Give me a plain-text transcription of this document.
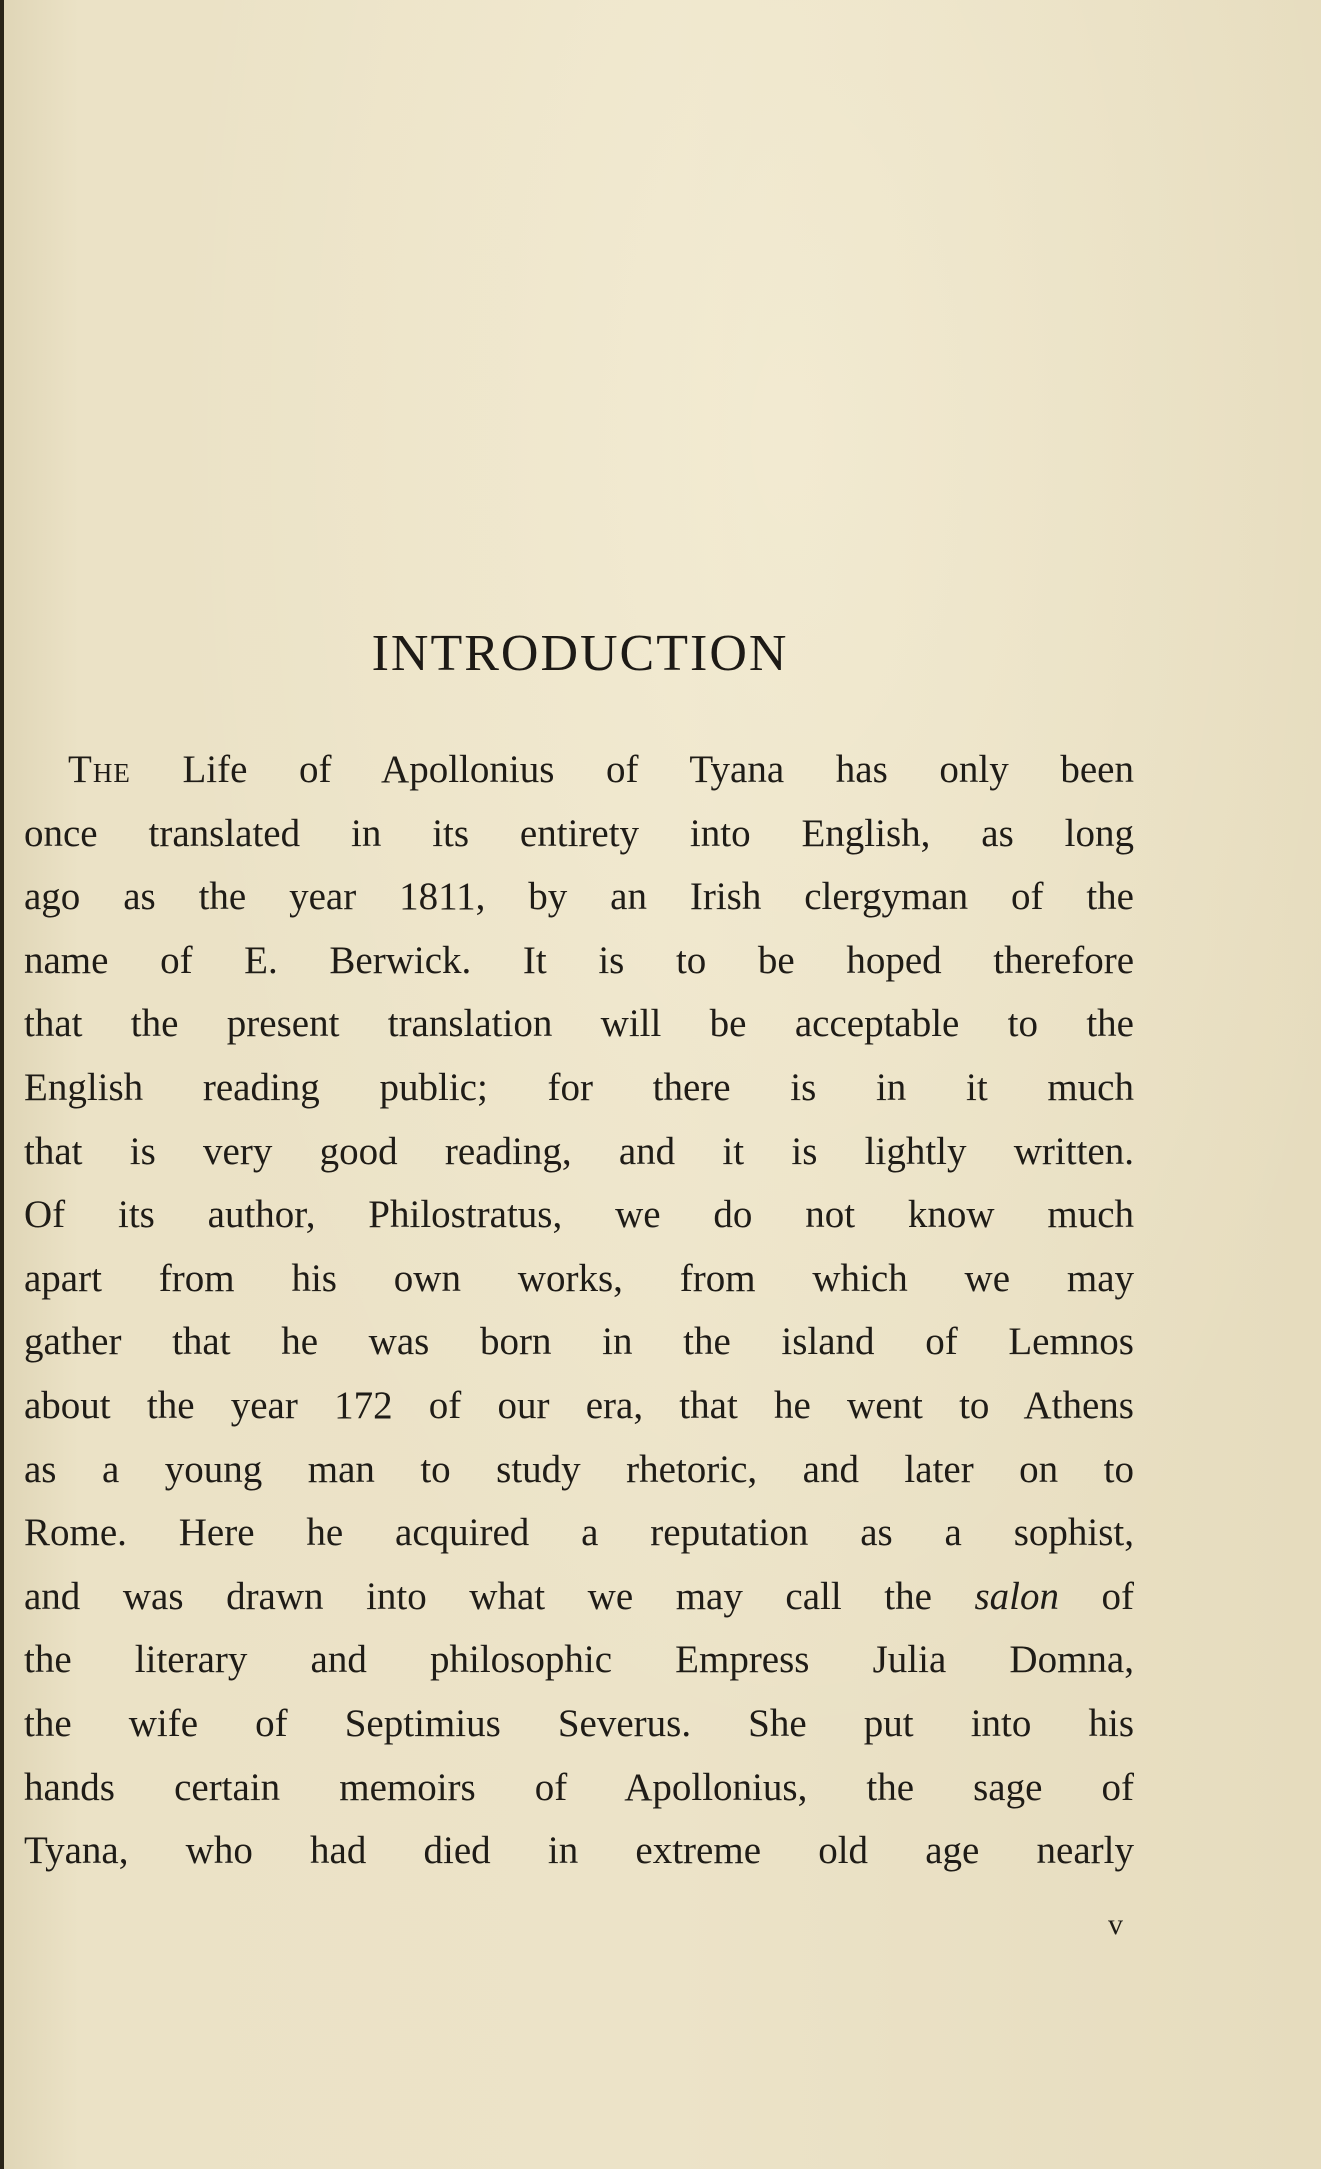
INTRODUCTION
The Life of Apollonius of Tyana has only been
once translated in its entirety into English, as long
ago as the year 1811, by an Irish clergyman of the
name of E. Berwick. It is to be hoped therefore
that the present translation will be acceptable to the
English reading public; for there is in it much
that is very good reading, and it is lightly written.
Of its author, Philostratus, we do not know much
apart from his own works, from which we may
gather that he was born in the island of Lemnos
about the year 172 of our era, that he went to Athens
as a young man to study rhetoric, and later on to
Rome. Here he acquired a reputation as a sophist,
and was drawn into what we may call the salon of
the literary and philosophic Empress Julia Domna,
the wife of Septimius Severus. She put into his
hands certain memoirs of Apollonius, the sage of
Tyana, who had died in extreme old age nearly
v
